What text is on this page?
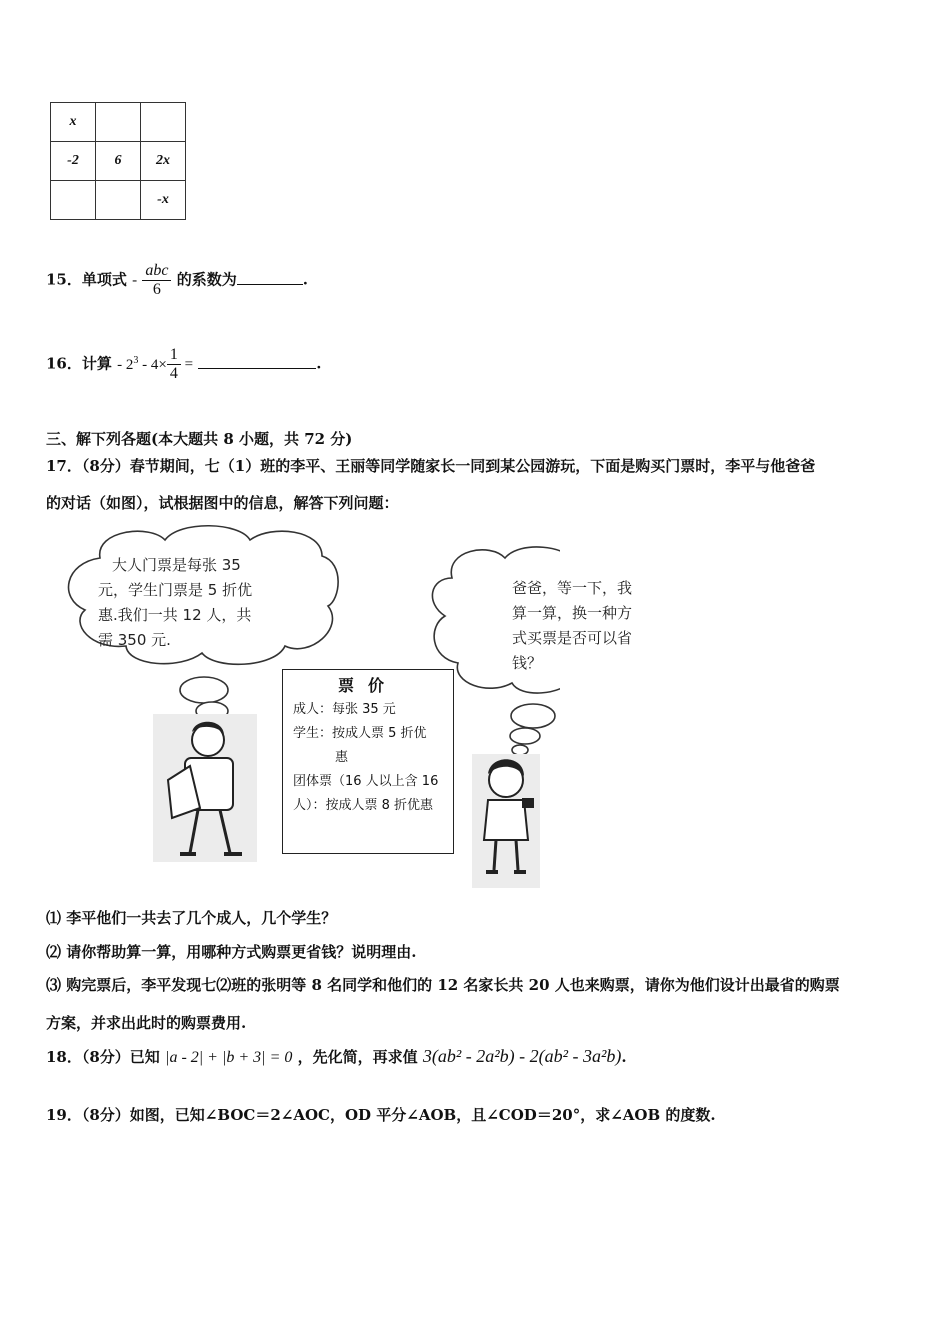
x		
-2	6	2x
		-x
15．单项式 - $\frac{\text{abc}}{6}$ 的系数为	.
16．计算 - $2^3 - 4\times \frac{1}{4}$ =	.
三、解下列各题(本大题共 8 小题，共 72 分)
17．（8分）春节期间，七（1）班的李平、王丽等同学随家长一同到某公园游玩，下面是购买门票时，李平与他爸爸
的对话（如图），试根据图中的信息，解答下列问题：
大人门票是每张 35
元，学生门票是 5 折优
惠.我们一共 12 人，共
需 350 元.
爸爸，等一下，我
算一算，换一种方
式买票是否可以省
钱？
票价
成人：每张 35 元
学生：按成人票 5 折优
惠
团体票（16 人以上含 16
人）：按成人票 8 折优惠
⑴ 李平他们一共去了几个成人，几个学生？
⑵ 请你帮助算一算，用哪种方式购票更省钱？说明理由.
⑶ 购完票后，李平发现七⑵班的张明等 8 名同学和他们的 12 名家长共 20 人也来购票，请你为他们设计出最省的购票
方案，并求出此时的购票费用.
18．（8分）已知 |a - 2| + |b + 3| = 0 ，先化简，再求值 3(ab² - 2a²b) - 2(ab² - 3a²b).
19．（8分）如图，已知∠BOC＝2∠AOC，OD 平分∠AOB，且∠COD＝20°，求∠AOB 的度数.
